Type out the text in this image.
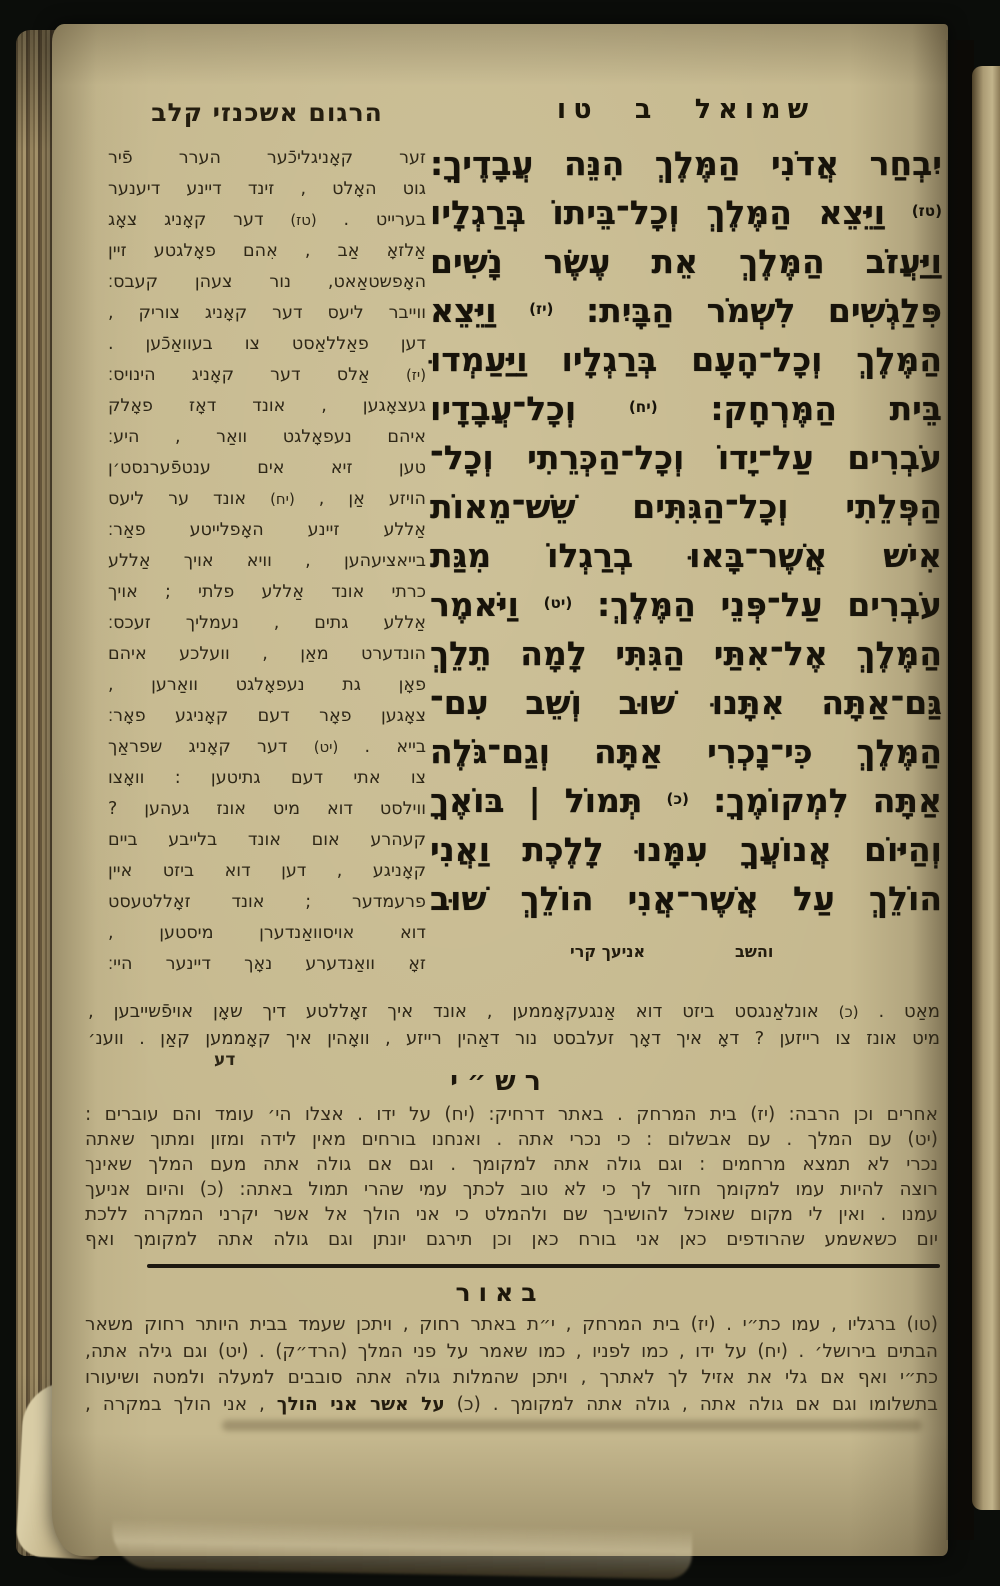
הרגום אשכנזי קלב
זער קאָניגליכֿער הערר פֿיר
גוט האָלט , זינד דיינע דיענער
בערייט . (טז) דער קאָניג צאָג
אַלזאָ אַב , אִהם פאָלגטע זיין
האָפשטאַאט, נור צעהן קעבס׃
ווייבר ליעס דער קאָניג צוריק ,
דען פאַללאַסט צו בעוואַכֿען .
(יז) אַלס דער קאָניג הינויס׃
געצאָגען , אונד דאָז פאָלק
איהם נעפאָלגט וואַר , היע׃
טען זיא אים ענטפֿערנסט׳ן
הויזע אַן , (יח) אונד ער ליעס
אַללע זיינע האָפלייטע פאַר׃
בייאציעהען , וויא אויך אַללע
כרתי אונד אַללע פלתי ; אויך
אַללע גתים , נעמליך זעכס׃
הונדערט מאַן , וועלכע איהם
פאָן גת נעפאָלגט וואַרען ,
צאָגען פאָר דעם קאָניגע פאָר׃
בייא . (יט) דער קאָניג שפראַך
צו אתי דעם גתיטען : וואָצו
ווילסט דוא מיט אונז געהען ?
קעהרע אום אונד בלייבע ביים
קאָניגע , דען דוא ביזט איין
פרעמדער ; אונד זאָללטעסט
דוא אויסוואַנדערן מיסטען ,
זאָ וואַנדערע נאָך דיינער היי׃
שמואל ב טו
יִבְחַר אֲדֹנִי הַמֶּלֶךְ הִנֵּה עֲבָדֶיךָ:
$^{(טז)}$ וַיֵּצֵא הַמֶּלֶךְ וְכָל־בֵּיתוֹ בְּרַגְלָיו
וַיַּעֲזֹב הַמֶּלֶךְ אֵת עֶשֶׂר נָשִׁים
פִּלַגְשִׁים לִשְׁמֹר הַבָּיִת: $^{(יז)}$ וַיֵּצֵא
הַמֶּלֶךְ וְכָל־הָעָם בְּרַגְלָיו וַיַּעַמְדוּ
בֵּית הַמֶּרְחָק: $^{(יח)}$ וְכָל־עֲבָדָיו
עֹבְרִים עַל־יָדוֹ וְכָל־הַכְּרֵתִי וְכָל־
הַפְּלֵתִי וְכָל־הַגִּתִּים שֵׁשׁ־מֵאוֹת
אִישׁ אֲשֶׁר־בָּאוּ בְרַגְלוֹ מִגַּת
עֹבְרִים עַל־פְּנֵי הַמֶּלֶךְ: $^{(יט)}$ וַיֹּאמֶר
הַמֶּלֶךְ אֶל־אִתַּי הַגִּתִּי לָמָה תֵלֵךְ
גַּם־אַתָּה אִתָּנוּ שׁוּב וְשֵׁב עִם־
הַמֶּלֶךְ כִּי־נָכְרִי אַתָּה וְגַם־גֹּלֶה
אַתָּה לִמְקוֹמֶךָ: $^{(כ)}$ תְּמוֹל | בּוֹאֶךָ
וְהַיּוֹם אֲנוֹעֲךָ עִמָּנוּ לָלֶכֶת וַאֲנִי
הוֹלֵךְ עַל אֲשֶׁר־אֲנִי הוֹלֵךְ שׁוּב
אניעך קרי	והשב
מאַט . (כ) אונלאַנגסט ביזט דוא אַנגעקאָממען , אונד איך זאָללטע דיך שאָן אויפֿשייבען ,
מיט אונז צו רייזען ? דאָ איך דאָך זעלבסט נור דאַהין רייזע , וואָהין איך קאָממען קאַן . ווענ׳
דע
רש״י
אחרים וכן הרבה: (יז) בית המרחק . באתר דרחיק: (יח) על ידו . אצלו הי׳ עומד והם עוברים :
(יט) עם המלך . עם אבשלום : כי נכרי אתה . ואנחנו בורחים מאין לידה ומזון ומתוך שאתה
נכרי לא תמצא מרחמים : וגם גולה אתה למקומך . וגם אם גולה אתה מעם המלך שאינך
רוצה להיות עמו למקומך חזור לך כי לא טוב לכתך עמי שהרי תמול באתה: (כ) והיום אניעך
עמנו . ואין לי מקום שאוכל להושיבך שם ולהמלט כי אני הולך אל אשר יקרני המקרה ללכת
יום כשאשמע שהרודפים כאן אני בורח כאן וכן תירגם יונתן וגם גולה אתה למקומך ואף
באור
(טו) ברגליו , עמו כת״י . (יז) בית המרחק , י״ת באתר רחוק , ויתכן שעמד בבית היותר רחוק משאר
הבתים בירושל׳ . (יח) על ידו , כמו לפניו , כמו שאמר על פני המלך (הרד״ק) . (יט) וגם גילה אתה,
כת״י ואף אם גלי את אזיל לך לאתרך , ויתכן שהמלות גולה אתה סובבים למעלה ולמטה ושיעורו
בתשלומו וגם אם גולה אתה , גולה אתה למקומך . (כ) על אשר אני הולך , אני הולך במקרה ,
